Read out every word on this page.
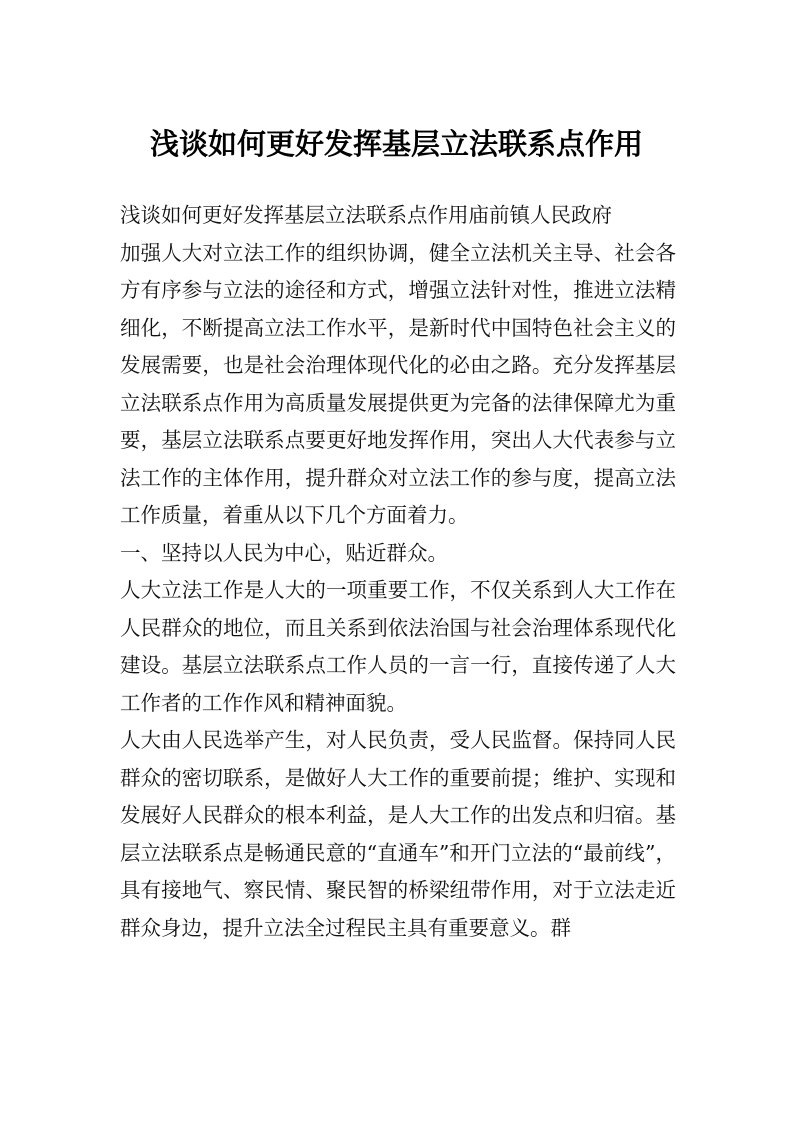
浅谈如何更好发挥基层立法联系点作用

浅谈如何更好发挥基层立法联系点作用庙前镇人民政府

加强人大对立法工作的组织协调，健全立法机关主导、社会各方有序参与立法的途径和方式，增强立法针对性，推进立法精细化，不断提高立法工作水平，是新时代中国特色社会主义的发展需要，也是社会治理体现代化的必由之路。充分发挥基层立法联系点作用为高质量发展提供更为完备的法律保障尤为重要，基层立法联系点要更好地发挥作用，突出人大代表参与立法工作的主体作用，提升群众对立法工作的参与度，提高立法工作质量，着重从以下几个方面着力。

一、坚持以人民为中心，贴近群众。

人大立法工作是人大的一项重要工作，不仅关系到人大工作在人民群众的地位，而且关系到依法治国与社会治理体系现代化建设。基层立法联系点工作人员的一言一行，直接传递了人大工作者的工作作风和精神面貌。

人大由人民选举产生，对人民负责，受人民监督。保持同人民群众的密切联系，是做好人大工作的重要前提；维护、实现和发展好人民群众的根本利益，是人大工作的出发点和归宿。基层立法联系点是畅通民意的“直通车”和开门立法的“最前线”，具有接地气、察民情、聚民智的桥梁纽带作用，对于立法走近群众身边，提升立法全过程民主具有重要意义。群
